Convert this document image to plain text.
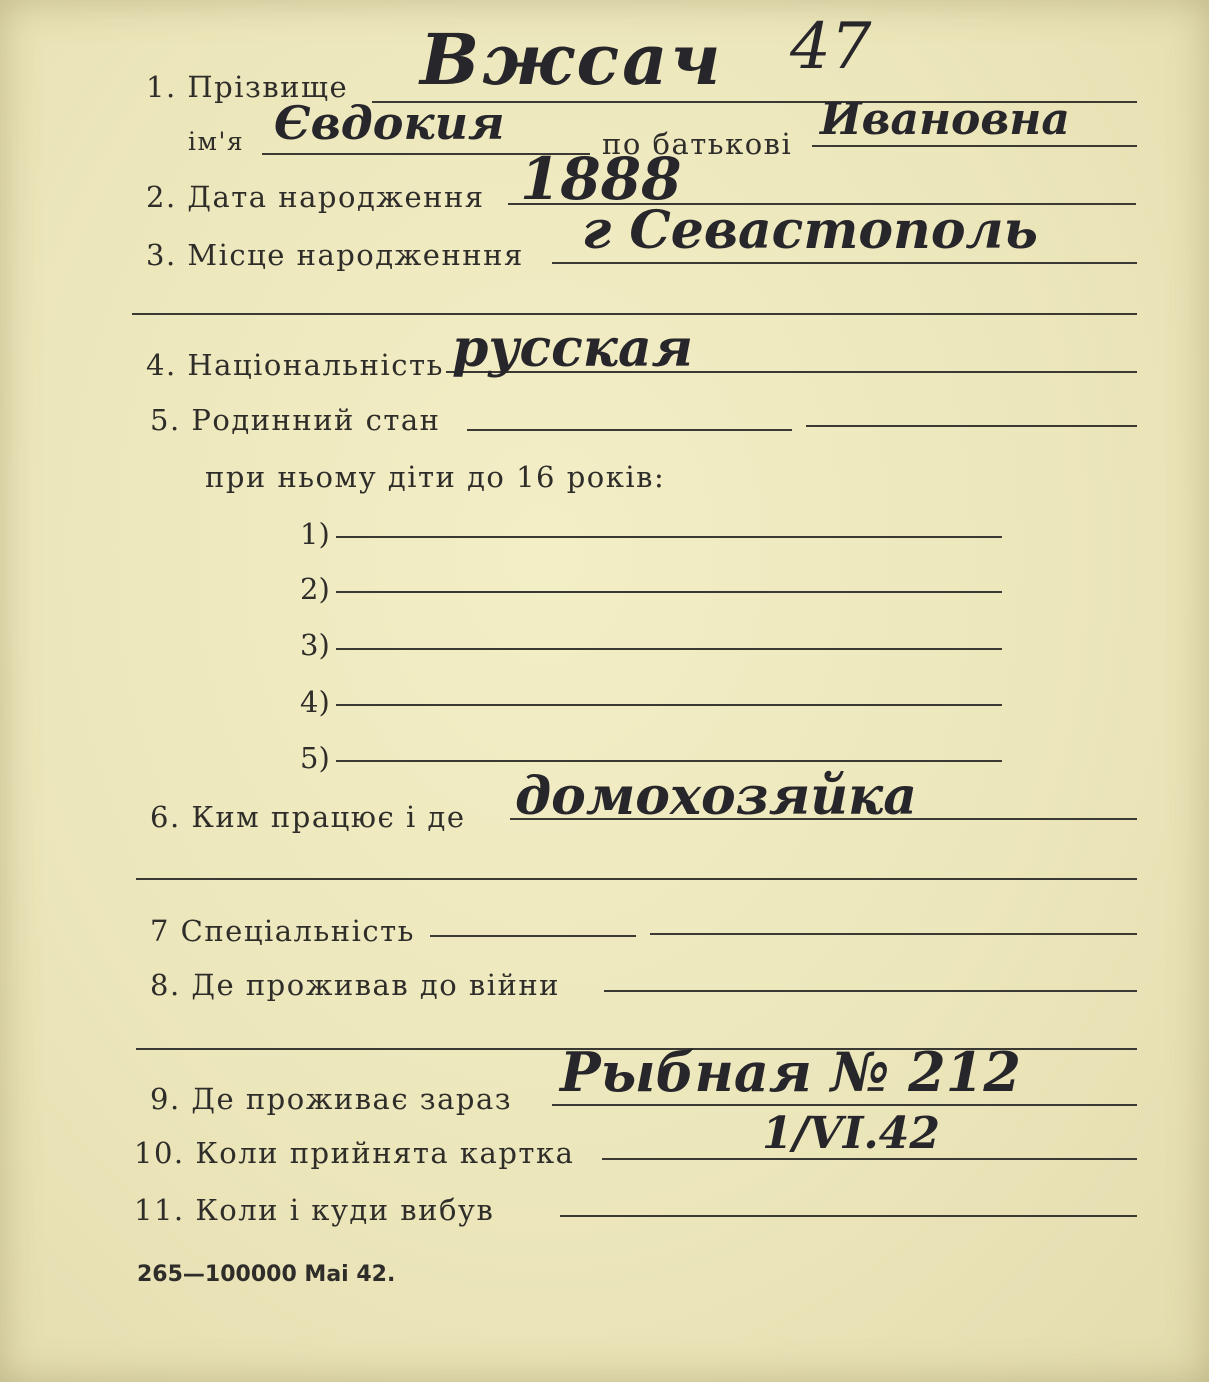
1. Прізвище Вжсач 47
ім'я Євдокия	по батькові Ивановна
2. Дата народження 1888
3. Місце народженння г Севастополь
4. Національність русская
5. Родинний стан
при ньому діти до 16 років:
1)
2)
3)
4)
5)
6. Ким працює і де домохозяйка
7 Спеціальність
8. Де проживав до війни
9. Де проживає зараз Рыбная № 212
10. Коли прийнята картка	1/VI.42
11. Коли і куди вибув
265—100000 Mai 42.
